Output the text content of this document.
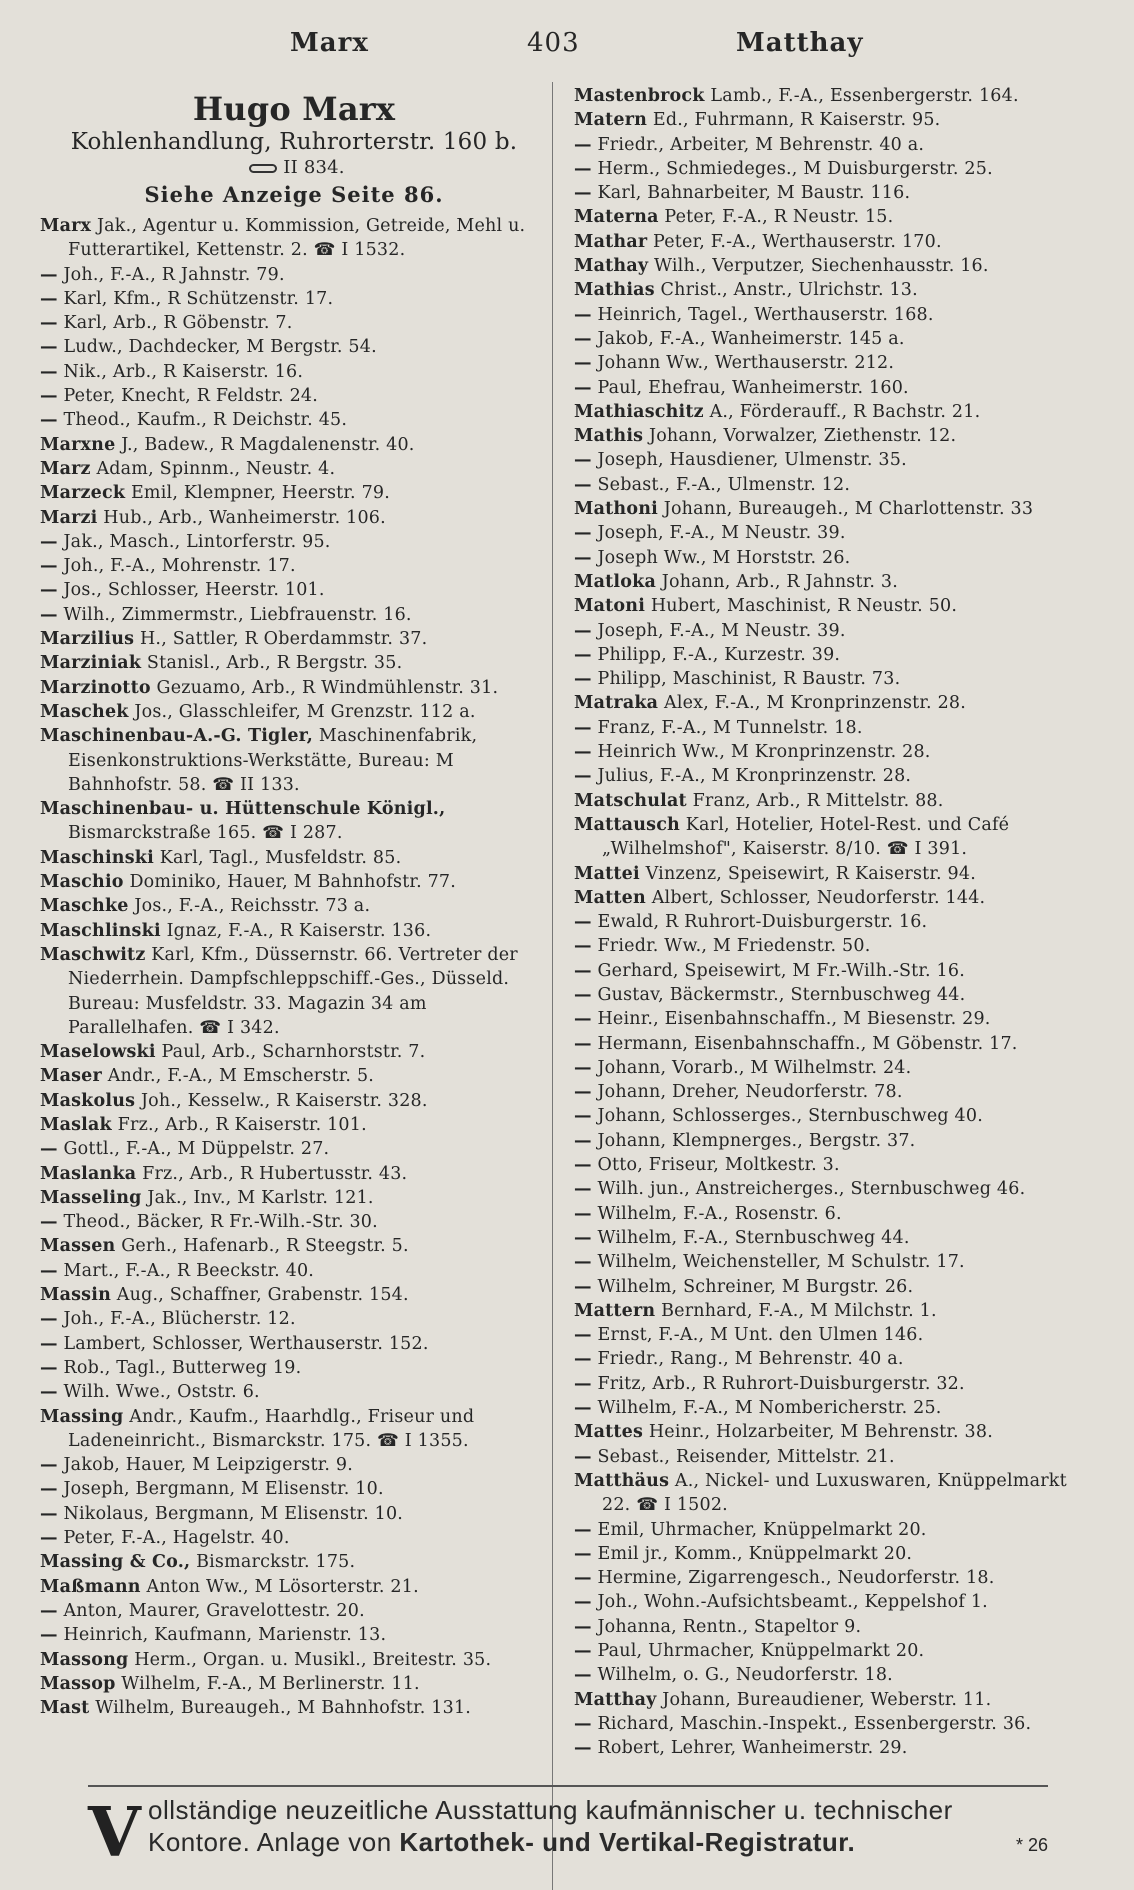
Marx	403	Matthay
Hugo Marx
Kohlenhandlung, Ruhrorterstr. 160 b.
II 834.
Siehe Anzeige Seite 86.

Marx Jak., Agentur u. Kommission, Getreide, Mehl u. Futterartikel, Kettenstr. 2. ☎ I 1532.

— Joh., F.-A., R Jahnstr. 79.

— Karl, Kfm., R Schützenstr. 17.

— Karl, Arb., R Göbenstr. 7.

— Ludw., Dachdecker, M Bergstr. 54.

— Nik., Arb., R Kaiserstr. 16.

— Peter, Knecht, R Feldstr. 24.

— Theod., Kaufm., R Deichstr. 45.

Marxne J., Badew., R Magdalenenstr. 40.

Marz Adam, Spinnm., Neustr. 4.

Marzeck Emil, Klempner, Heerstr. 79.

Marzi Hub., Arb., Wanheimerstr. 106.

— Jak., Masch., Lintorferstr. 95.

— Joh., F.-A., Mohrenstr. 17.

— Jos., Schlosser, Heerstr. 101.

— Wilh., Zimmermstr., Liebfrauenstr. 16.

Marzilius H., Sattler, R Oberdammstr. 37.

Marziniak Stanisl., Arb., R Bergstr. 35.

Marzinotto Gezuamo, Arb., R Windmühlenstr. 31.

Maschek Jos., Glasschleifer, M Grenzstr. 112 a.

Maschinenbau-A.-G. Tigler, Maschinenfabrik, Eisenkonstruktions-Werkstätte, Bureau: M Bahnhofstr. 58. ☎ II 133.

Maschinenbau- u. Hüttenschule Königl., Bismarckstraße 165. ☎ I 287.

Maschinski Karl, Tagl., Musfeldstr. 85.

Maschio Dominiko, Hauer, M Bahnhofstr. 77.

Maschke Jos., F.-A., Reichsstr. 73 a.

Maschlinski Ignaz, F.-A., R Kaiserstr. 136.

Maschwitz Karl, Kfm., Düssernstr. 66. Vertreter der Niederrhein. Dampfschleppschiff.-Ges., Düsseld. Bureau: Musfeldstr. 33. Magazin 34 am Parallelhafen. ☎ I 342.

Maselowski Paul, Arb., Scharnhorststr. 7.

Maser Andr., F.-A., M Emscherstr. 5.

Maskolus Joh., Kesselw., R Kaiserstr. 328.

Maslak Frz., Arb., R Kaiserstr. 101.

— Gottl., F.-A., M Düppelstr. 27.

Maslanka Frz., Arb., R Hubertusstr. 43.

Masseling Jak., Inv., M Karlstr. 121.

— Theod., Bäcker, R Fr.-Wilh.-Str. 30.

Massen Gerh., Hafenarb., R Steegstr. 5.

— Mart., F.-A., R Beeckstr. 40.

Massin Aug., Schaffner, Grabenstr. 154.

— Joh., F.-A., Blücherstr. 12.

— Lambert, Schlosser, Werthauserstr. 152.

— Rob., Tagl., Butterweg 19.

— Wilh. Wwe., Oststr. 6.

Massing Andr., Kaufm., Haarhdlg., Friseur und Ladeneinricht., Bismarckstr. 175. ☎ I 1355.

— Jakob, Hauer, M Leipzigerstr. 9.

— Joseph, Bergmann, M Elisenstr. 10.

— Nikolaus, Bergmann, M Elisenstr. 10.

— Peter, F.-A., Hagelstr. 40.

Massing & Co., Bismarckstr. 175.

Maßmann Anton Ww., M Lösorterstr. 21.

— Anton, Maurer, Gravelottestr. 20.

— Heinrich, Kaufmann, Marienstr. 13.

Massong Herm., Organ. u. Musikl., Breitestr. 35.

Massop Wilhelm, F.-A., M Berlinerstr. 11.

Mast Wilhelm, Bureaugeh., M Bahnhofstr. 131.

Mastenbrock Lamb., F.-A., Essenbergerstr. 164.

Matern Ed., Fuhrmann, R Kaiserstr. 95.

— Friedr., Arbeiter, M Behrenstr. 40 a.

— Herm., Schmiedeges., M Duisburgerstr. 25.

— Karl, Bahnarbeiter, M Baustr. 116.

Materna Peter, F.-A., R Neustr. 15.

Mathar Peter, F.-A., Werthauserstr. 170.

Mathay Wilh., Verputzer, Siechenhausstr. 16.

Mathias Christ., Anstr., Ulrichstr. 13.

— Heinrich, Tagel., Werthauserstr. 168.

— Jakob, F.-A., Wanheimerstr. 145 a.

— Johann Ww., Werthauserstr. 212.

— Paul, Ehefrau, Wanheimerstr. 160.

Mathiaschitz A., Förderauff., R Bachstr. 21.

Mathis Johann, Vorwalzer, Ziethenstr. 12.

— Joseph, Hausdiener, Ulmenstr. 35.

— Sebast., F.-A., Ulmenstr. 12.

Mathoni Johann, Bureaugeh., M Charlottenstr. 33

— Joseph, F.-A., M Neustr. 39.

— Joseph Ww., M Horststr. 26.

Matloka Johann, Arb., R Jahnstr. 3.

Matoni Hubert, Maschinist, R Neustr. 50.

— Joseph, F.-A., M Neustr. 39.

— Philipp, F.-A., Kurzestr. 39.

— Philipp, Maschinist, R Baustr. 73.

Matraka Alex, F.-A., M Kronprinzenstr. 28.

— Franz, F.-A., M Tunnelstr. 18.

— Heinrich Ww., M Kronprinzenstr. 28.

— Julius, F.-A., M Kronprinzenstr. 28.

Matschulat Franz, Arb., R Mittelstr. 88.

Mattausch Karl, Hotelier, Hotel-Rest. und Café „Wilhelmshof", Kaiserstr. 8/10. ☎ I 391.

Mattei Vinzenz, Speisewirt, R Kaiserstr. 94.

Matten Albert, Schlosser, Neudorferstr. 144.

— Ewald, R Ruhrort-Duisburgerstr. 16.

— Friedr. Ww., M Friedenstr. 50.

— Gerhard, Speisewirt, M Fr.-Wilh.-Str. 16.

— Gustav, Bäckermstr., Sternbuschweg 44.

— Heinr., Eisenbahnschaffn., M Biesenstr. 29.

— Hermann, Eisenbahnschaffn., M Göbenstr. 17.

— Johann, Vorarb., M Wilhelmstr. 24.

— Johann, Dreher, Neudorferstr. 78.

— Johann, Schlosserges., Sternbuschweg 40.

— Johann, Klempnerges., Bergstr. 37.

— Otto, Friseur, Moltkestr. 3.

— Wilh. jun., Anstreicherges., Sternbuschweg 46.

— Wilhelm, F.-A., Rosenstr. 6.

— Wilhelm, F.-A., Sternbuschweg 44.

— Wilhelm, Weichensteller, M Schulstr. 17.

— Wilhelm, Schreiner, M Burgstr. 26.

Mattern Bernhard, F.-A., M Milchstr. 1.

— Ernst, F.-A., M Unt. den Ulmen 146.

— Friedr., Rang., M Behrenstr. 40 a.

— Fritz, Arb., R Ruhrort-Duisburgerstr. 32.

— Wilhelm, F.-A., M Nombericherstr. 25.

Mattes Heinr., Holzarbeiter, M Behrenstr. 38.

— Sebast., Reisender, Mittelstr. 21.

Matthäus A., Nickel- und Luxuswaren, Knüppelmarkt 22. ☎ I 1502.

— Emil, Uhrmacher, Knüppelmarkt 20.

— Emil jr., Komm., Knüppelmarkt 20.

— Hermine, Zigarrengesch., Neudorferstr. 18.

— Joh., Wohn.-Aufsichtsbeamt., Keppelshof 1.

— Johanna, Rentn., Stapeltor 9.

— Paul, Uhrmacher, Knüppelmarkt 20.

— Wilhelm, o. G., Neudorferstr. 18.

Matthay Johann, Bureaudiener, Weberstr. 11.

— Richard, Maschin.-Inspekt., Essenbergerstr. 36.

— Robert, Lehrer, Wanheimerstr. 29.

V ollständige neuzeitliche Ausstattung kaufmännischer u. technischer
Kontore. Anlage von Kartothek- und Vertikal-Registratur.	* 26
